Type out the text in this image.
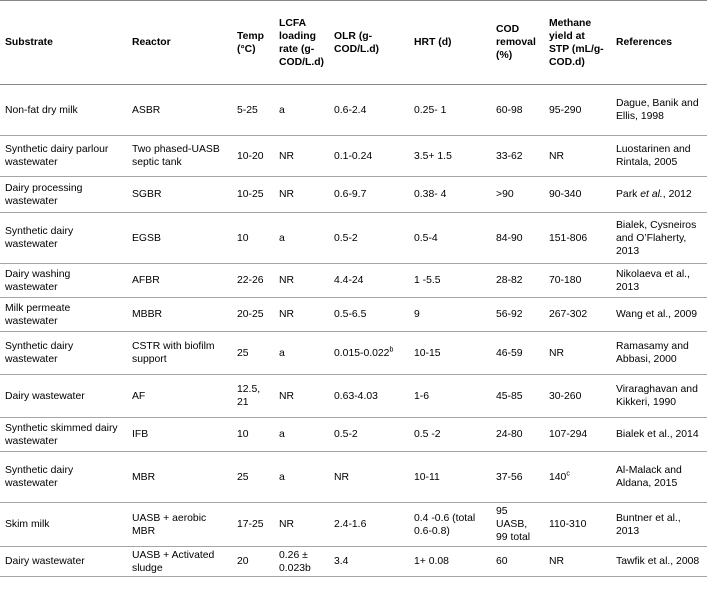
Substrate	Reactor	Temp (°C)	LCFA loading rate (g-COD/L.d)	OLR (g-COD/L.d)	HRT (d)	COD removal (%)	Methane yield at STP (mL/g-COD.d)	References
Non-fat dry milk	ASBR	5-25	a	0.6-2.4	0.25- 1	60-98	95-290	Dague, Banik and Ellis, 1998
Synthetic dairy parlour wastewater	Two phased-UASB septic tank	10-20	NR	0.1-0.24	3.5+ 1.5	33-62	NR	Luostarinen and Rintala, 2005
Dairy processing wastewater	SGBR	10-25	NR	0.6-9.7	0.38- 4	>90	90-340	Park et al., 2012
Synthetic dairy wastewater	EGSB	10	a	0.5-2	0.5-4	84-90	151-806	Bialek, Cysneiros and O’Flaherty, 2013
Dairy washing wastewater	AFBR	22-26	NR	4.4-24	1 -5.5	28-82	70-180	Nikolaeva et al., 2013
Milk permeate wastewater	MBBR	20-25	NR	0.5-6.5	9	56-92	267-302	Wang et al., 2009
Synthetic dairy wastewater	CSTR with biofilm support	25	a	0.015-0.022$^b$	10-15	46-59	NR	Ramasamy and Abbasi, 2000
Dairy wastewater	AF	12.5, 21	NR	0.63-4.03	1-6	45-85	30-260	Viraraghavan and Kikkeri, 1990
Synthetic skimmed dairy wastewater	IFB	10	a	0.5-2	0.5 -2	24-80	107-294	Bialek et al., 2014
Synthetic dairy wastewater	MBR	25	a	NR	10-11	37-56	140$^c$	Al-Malack and Aldana, 2015
Skim milk	UASB + aerobic MBR	17-25	NR	2.4-1.6	0.4 -0.6 (total 0.6-0.8)	95 UASB, 99 total	110-310	Buntner et al., 2013
Dairy wastewater	UASB + Activated sludge	20	0.26 ± 0.023b	3.4	1+ 0.08	60	NR	Tawfik et al., 2008
